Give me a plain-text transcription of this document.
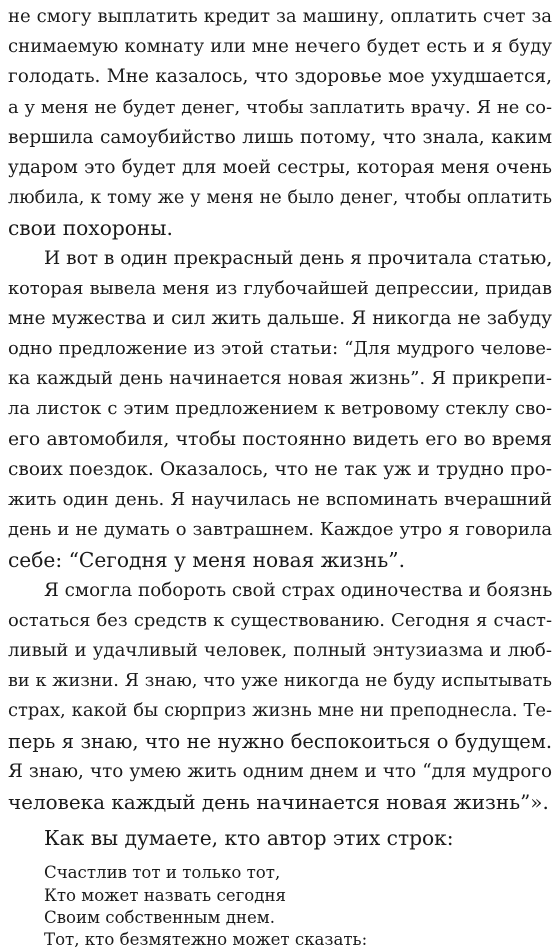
не смогу выплатить кредит за машину, оплатить счет за
снимаемую комнату или мне нечего будет есть и я буду
голодать. Мне казалось, что здоровье мое ухудшается,
а у меня не будет денег, чтобы заплатить врачу. Я не со-
вершила самоубийство лишь потому, что знала, каким
ударом это будет для моей сестры, которая меня очень
любила, к тому же у меня не было денег, чтобы оплатить
свои похороны.
И вот в один прекрасный день я прочитала статью,
которая вывела меня из глубочайшей депрессии, придав
мне мужества и сил жить дальше. Я никогда не забуду
одно предложение из этой статьи: “Для мудрого челове-
ка каждый день начинается новая жизнь”. Я прикрепи-
ла листок с этим предложением к ветровому стеклу сво-
его автомобиля, чтобы постоянно видеть его во время
своих поездок. Оказалось, что не так уж и трудно про-
жить один день. Я научилась не вспоминать вчерашний
день и не думать о завтрашнем. Каждое утро я говорила
себе: “Сегодня у меня новая жизнь”.
Я смогла побороть свой страх одиночества и боязнь
остаться без средств к существованию. Сегодня я счаст-
ливый и удачливый человек, полный энтузиазма и люб-
ви к жизни. Я знаю, что уже никогда не буду испытывать
страх, какой бы сюрприз жизнь мне ни преподнесла. Те-
перь я знаю, что не нужно беспокоиться о будущем.
Я знаю, что умею жить одним днем и что “для мудрого
человека каждый день начинается новая жизнь”».
Как вы думаете, кто автор этих строк:
Счастлив тот и только тот,
Кто может назвать сегодня
Своим собственным днем.
Тот, кто безмятежно может сказать:
